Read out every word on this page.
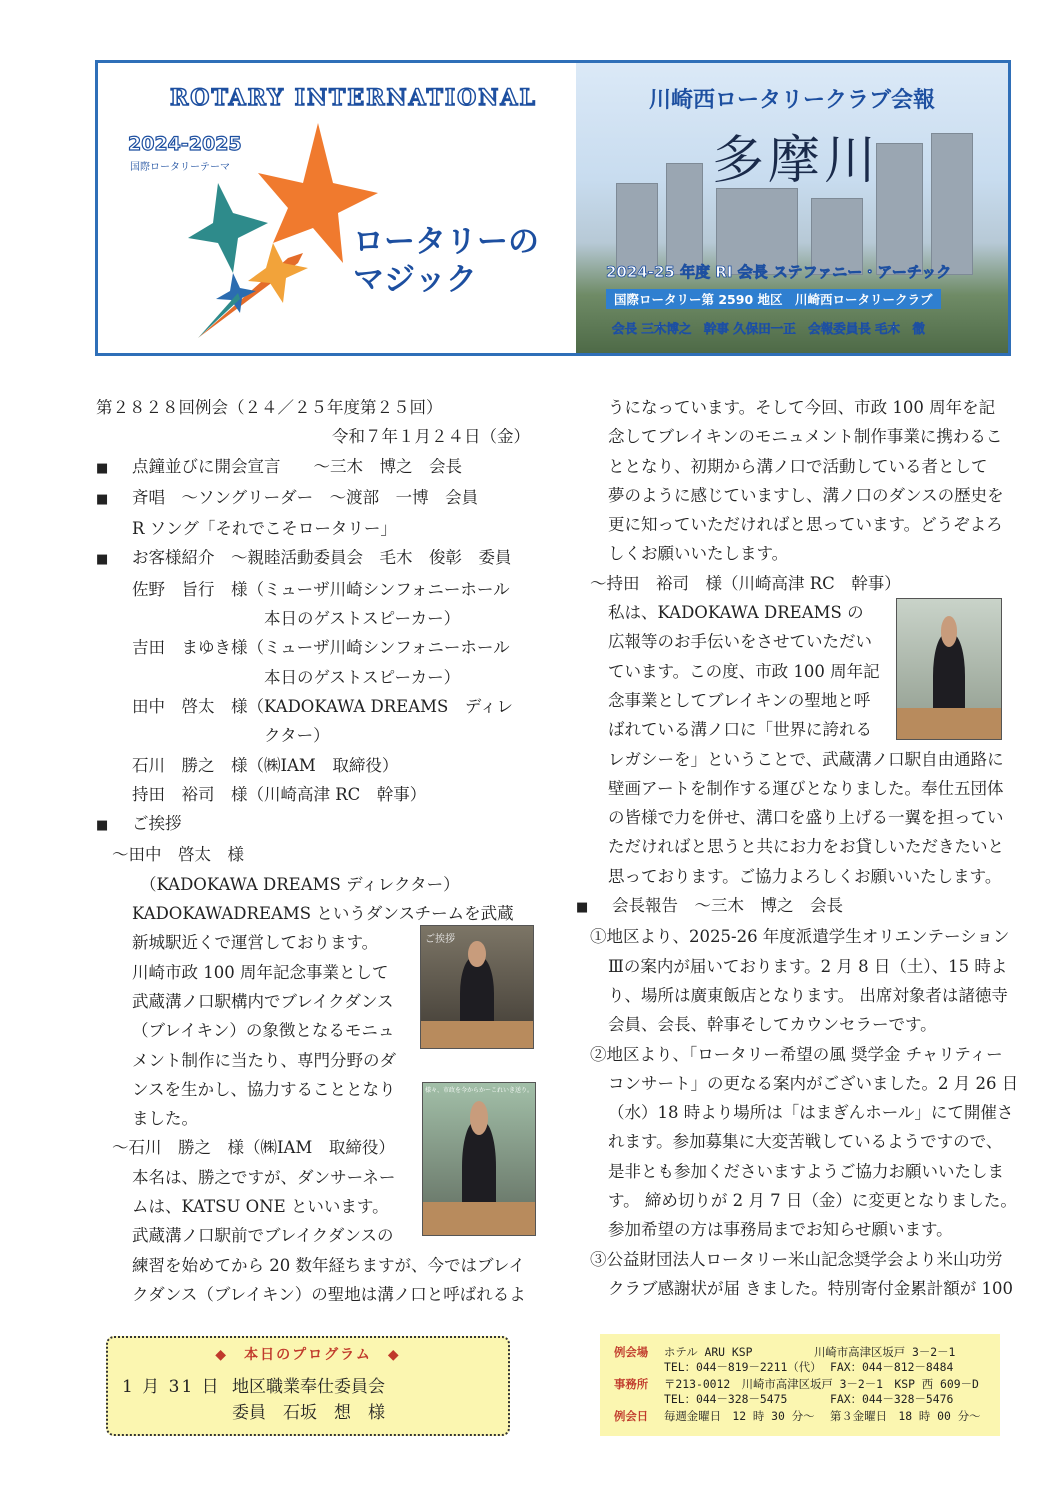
ROTARY INTERNATIONAL
2024-2025
国際ロータリーテーマ
ロータリーの
マジック
川崎西ロータリークラブ会報
多摩川
2024-25 年度 RI 会長 ステファニー・アーチック
国際ロータリー第 2590 地区　川崎西ロータリークラブ
会長 三木博之　幹事 久保田一正　会報委員長 毛木　徹

第２８２８回例会（２４／２５年度第２５回）

令和７年１月２４日（金）

■ 点鐘並びに開会宣言　　～三木　博之　会長

■ 斉唱　～ソングリーダー　～渡部　一博　会員

R ソング「それでこそロータリー」

■ お客様紹介　～親睦活動委員会　毛木　俊彰　委員

佐野　旨行　様（ミューザ川崎シンフォニーホール

本日のゲストスピーカー）

吉田　まゆき様（ミューザ川崎シンフォニーホール

本日のゲストスピーカー）

田中　啓太　様（KADOKAWA DREAMS　ディレ

クター）

石川　勝之　様（㈱IAM　取締役）

持田　裕司　様（川崎高津 RC　幹事）

■ ご挨拶

～田中　啓太　様

（KADOKAWA DREAMS ディレクター）

KADOKAWADREAMS というダンスチームを武蔵

新城駅近くで運営しております。

川崎市政 100 周年記念事業として

武蔵溝ノ口駅構内でブレイクダンス

（ブレイキン）の象徴となるモニュ

メント制作に当たり、専門分野のダ

ンスを生かし、協力することとなり

ました。

～石川　勝之　様（㈱IAM　取締役）

本名は、勝之ですが、ダンサーネー

ムは、KATSU ONE といいます。

武蔵溝ノ口駅前でブレイクダンスの

練習を始めてから 20 数年経ちますが、今ではブレイ

クダンス（ブレイキン）の聖地は溝ノ口と呼ばれるよ

ご挨拶
様々、市政を今からかーこれいき送り。

うになっています。そして今回、市政 100 周年を記

念してブレイキンのモニュメント制作事業に携わるこ

ととなり、初期から溝ノ口で活動している者として

夢のように感じていますし、溝ノ口のダンスの歴史を

更に知っていただければと思っています。どうぞよろ

しくお願いいたします。

～持田　裕司　様（川崎高津 RC　幹事）

私は、KADOKAWA DREAMS の

広報等のお手伝いをさせていただい

ています。この度、市政 100 周年記

念事業としてブレイキンの聖地と呼

ばれている溝ノ口に「世界に誇れる

レガシーを」ということで、武蔵溝ノ口駅自由通路に

壁画アートを制作する運びとなりました。奉仕五団体

の皆様で力を併せ、溝口を盛り上げる一翼を担ってい

ただければと思うと共にお力をお貸しいただきたいと

思っております。ご協力よろしくお願いいたします。

■ 会長報告　～三木　博之　会長

①地区より、2025-26 年度派遣学生オリエンテーション

Ⅲの案内が届いております。2 月 8 日（土）、15 時よ

り、場所は廣東飯店となります。 出席対象者は諸徳寺

会員、会長、幹事そしてカウンセラーです。

②地区より、「ロータリー希望の風 奨学金 チャリティー

コンサート」の更なる案内がございました。2 月 26 日

（水）18 時より場所は「はまぎんホール」にて開催さ

れます。参加募集に大変苦戦しているようですので、

是非とも参加くださいますようご協力お願いいたしま

す。 締め切りが 2 月 7 日（金）に変更となりました。

参加希望の方は事務局までお知らせ願います。

③公益財団法人ロータリー米山記念奨学会より米山功労

クラブ感謝状が届 きました。特別寄付金累計額が 100

◆　本日のプログラム　◆
1 月 31 日 地区職業奉仕委員会
委員　石坂　想　様
例会場 ホテル ARU KSP	川崎市高津区坂戸 3－2－1
TEL：044－819－2211（代） FAX：044－812－8484
事務所 〒213-0012　川崎市高津区坂戸 3－2－1　KSP 西 609－D
TEL：044－328－5475	FAX：044－328－5476
例会日 毎週金曜日　12 時 30 分～ 第３金曜日　18 時 00 分～
